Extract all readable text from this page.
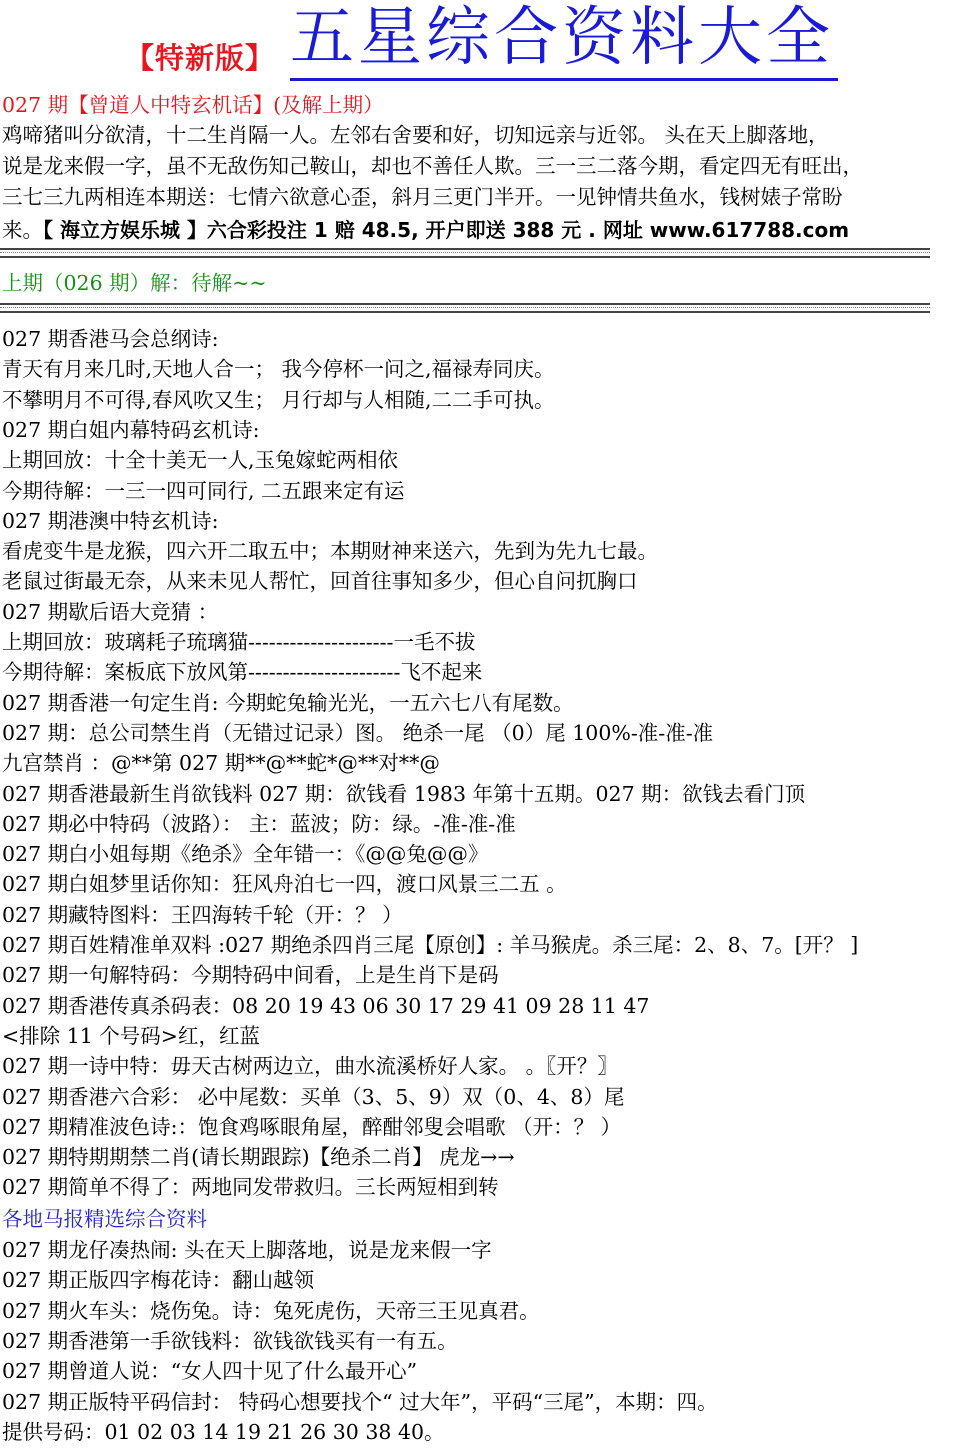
【特新版】 五星综合资料大全
027 期【曾道人中特玄机话】(及解上期）
鸡啼猪叫分欲清，十二生肖隔一人。左邻右舍要和好，切知远亲与近邻。 头在天上脚落地，
说是龙来假一字，虽不无敌伤知己鞍山，却也不善任人欺。三一三二落今期，看定四无有旺出，
三七三九两相连本期送：七情六欲意心歪，斜月三更门半开。一见钟情共鱼水，钱树婊子常盼
来。【 海立方娱乐城 】六合彩投注 1 赔 48.5, 开户即送 388 元 . 网址 www.617788.com
上期（026 期）解：待解~~
027 期香港马会总纲诗:
青天有月来几时,天地人合一； 我今停杯一问之,福禄寿同庆。
不攀明月不可得,春风吹又生； 月行却与人相随,二二手可执。
027 期白姐内幕特码玄机诗:
上期回放：十全十美无一人,玉兔嫁蛇两相依
今期待解：一三一四可同行, 二五跟来定有运
027 期港澳中特玄机诗:
看虎变牛是龙猴，四六开二取五中；本期财神来送六，先到为先九七最。
老鼠过街最无奈，从来未见人帮忙，回首往事知多少，但心自问扤胸口
027 期歇后语大竞猜 ：
上期回放：玻璃耗子琉璃猫---------------------一毛不拔
今期待解：案板底下放风第----------------------飞不起来
027 期香港一句定生肖: 今期蛇兔输光光，一五六七八有尾数。
027 期：总公司禁生肖（无错过记录）图。 绝杀一尾 （0）尾 100%-准-准-准
九宫禁肖 ：@**第 027 期**@**蛇*@**对**@
027 期香港最新生肖欲钱料 027 期：欲钱看 1983 年第十五期。027 期：欲钱去看门顶
027 期必中特码（波路）： 主：蓝波；防：绿。-准-准-准
027 期白小姐每期《绝杀》全年错一：《@@兔@@》
027 期白姐梦里话你知：狂风舟泊七一四，渡口风景三二五 。
027 期藏特图料：王四海转千轮（开：？ ）
027 期百姓精准单双料 :027 期绝杀四肖三尾【原创】: 羊马猴虎。杀三尾：2、8、7。[开？ ]
027 期一句解特码：今期特码中间看，上是生肖下是码
027 期香港传真杀码表：08 20 19 43 06 30 17 29 41 09 28 11 47
<排除 11 个号码>红，红蓝
027 期一诗中特：毋天古树两边立，曲水流溪桥好人家。 。〖开？〗
027 期香港六合彩： 必中尾数：买单（3、5、9）双（0、4、8）尾
027 期精准波色诗:：饱食鸡啄眼角屋，醉酣邻叟会唱歌 （开：？ ）
027 期特期期禁二肖(请长期跟踪)【绝杀二肖】 虎龙→→
027 期简单不得了：两地同发带救归。三长两短相到转
各地马报精选综合资料
027 期龙仔凑热闹: 头在天上脚落地，说是龙来假一字
027 期正版四字梅花诗：翻山越领
027 期火车头：烧伤兔。诗：兔死虎伤，天帝三王见真君。
027 期香港第一手欲钱料：欲钱欲钱买有一有五。
027 期曾道人说：“女人四十见了什么最开心”
027 期正版特平码信封： 特码心想要找个“ 过大年”，平码“三尾”，本期：四。
提供号码：01 02 03 14 19 21 26 30 38 40。
